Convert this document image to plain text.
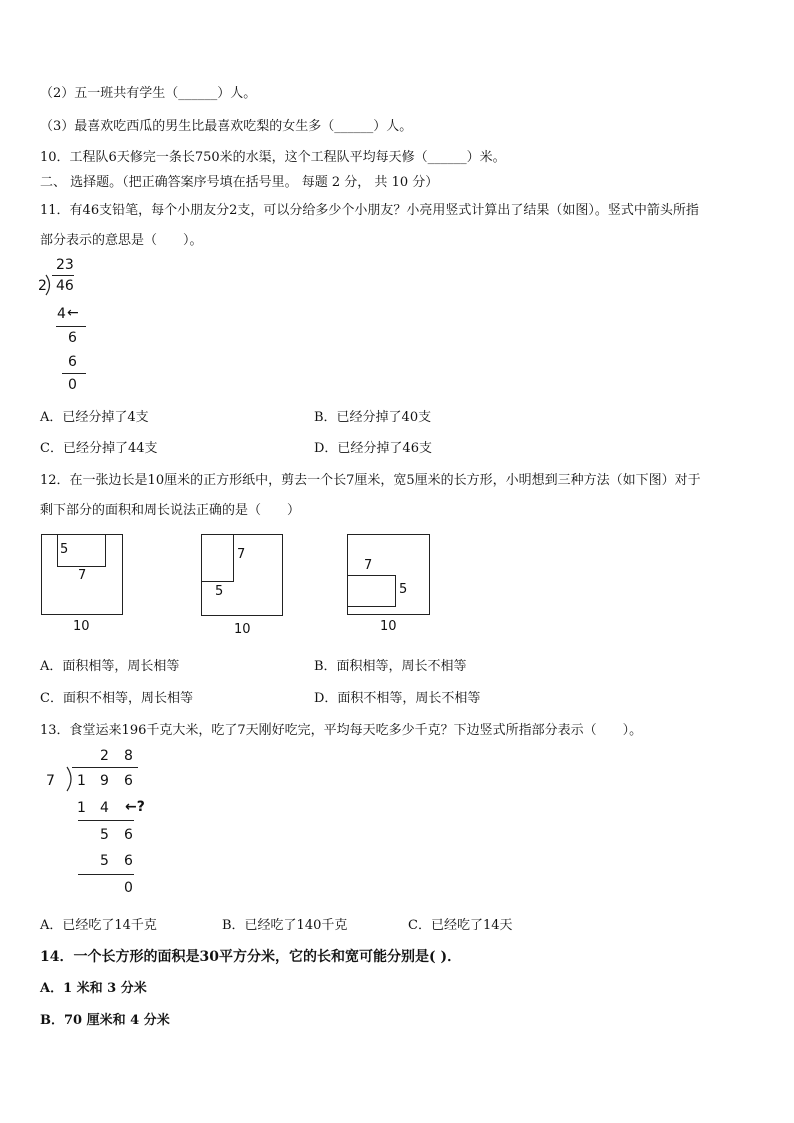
（2）五一班共有学生（______）人。
（3）最喜欢吃西瓜的男生比最喜欢吃梨的女生多（______）人。
10．工程队6天修完一条长750米的水渠，这个工程队平均每天修（______）米。
二、 选择题。（把正确答案序号填在括号里。 每题 2 分， 共 10 分）
11．有46支铅笔，每个小朋友分2支，可以分给多少个小朋友？小亮用竖式计算出了结果（如图）。竖式中箭头所指
部分表示的意思是（　　）。
23
2 46
4 ←
6
6
0
A．已经分掉了4支	B．已经分掉了40支
C．已经分掉了44支	D．已经分掉了46支
12．在一张边长是10厘米的正方形纸中，剪去一个长7厘米，宽5厘米的长方形，小明想到三种方法（如下图）对于
剩下部分的面积和周长说法正确的是（　　）
5
7
10
7
5
10
7
5
10
A．面积相等，周长相等	B．面积相等，周长不相等
C．面积不相等，周长相等	D．面积不相等，周长不相等
13．食堂运来196千克大米，吃了7天刚好吃完，平均每天吃多少千克？下边竖式所指部分表示（　　）。
2 8
7 1 9 6
1 4 ←?
5 6
5 6
0
A．已经吃了14千克	B．已经吃了140千克	C．已经吃了14天
14．一个长方形的面积是30平方分米，它的长和宽可能分别是( )．
A．1 米和 3 分米
B．70 厘米和 4 分米
